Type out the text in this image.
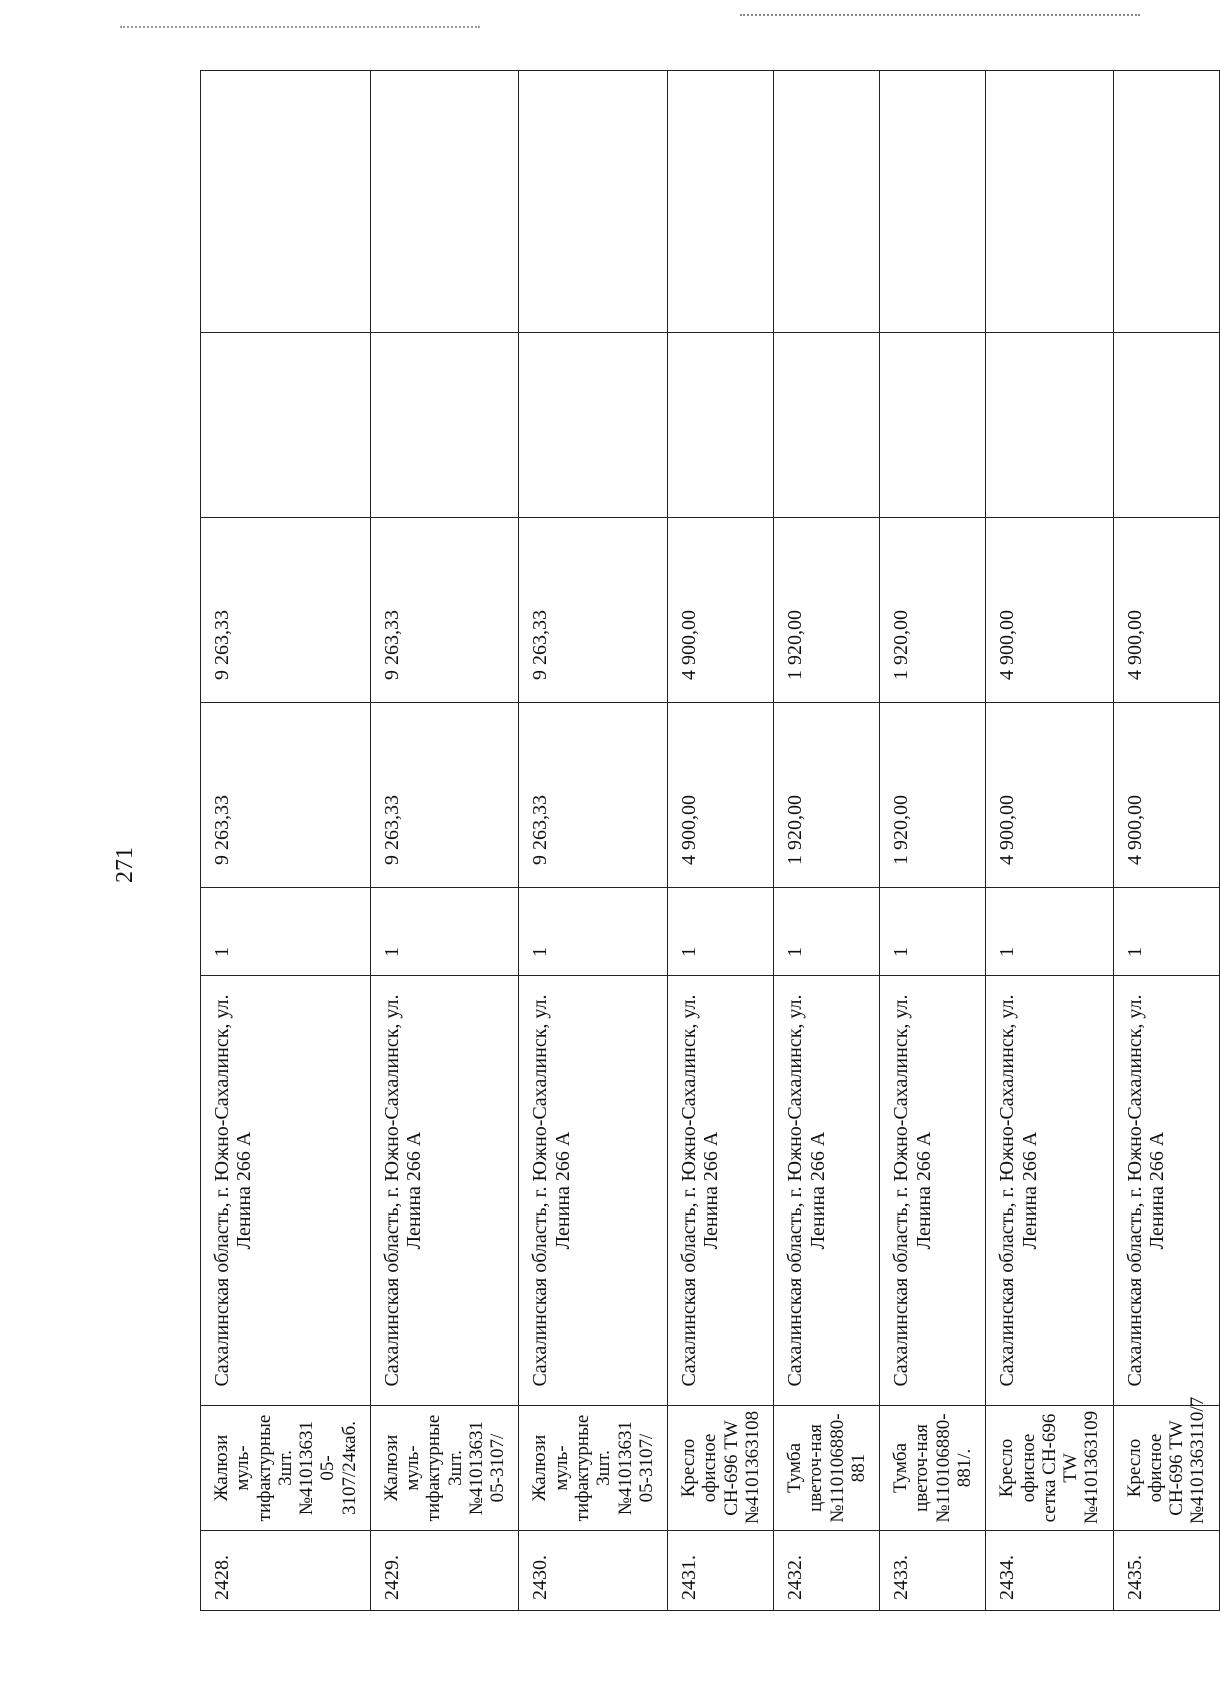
271
2428.	Жалюзи муль-тифактурные 3шт.№41013631 05-3107/24каб.	Сахалинская область, г. Южно-Сахалинск, ул. Ленина 266 А	1	9 263,33	9 263,33		
2429.	Жалюзи муль-тифактурные 3шт.№41013631 05-3107/	Сахалинская область, г. Южно-Сахалинск, ул. Ленина 266 А	1	9 263,33	9 263,33		
2430.	Жалюзи муль-тифактурные 3шт.№41013631 05-3107/	Сахалинская область, г. Южно-Сахалинск, ул. Ленина 266 А	1	9 263,33	9 263,33		
2431.	Кресло офисное СН-696 TW №4101363108	Сахалинская область, г. Южно-Сахалинск, ул. Ленина 266 А	1	4 900,00	4 900,00		
2432.	Тумба цветоч-ная №110106880-881	Сахалинская область, г. Южно-Сахалинск, ул. Ленина 266 А	1	1 920,00	1 920,00		
2433.	Тумба цветоч-ная №110106880-881/.	Сахалинская область, г. Южно-Сахалинск, ул. Ленина 266 А	1	1 920,00	1 920,00		
2434.	Кресло офисное сетка СН-696 TW №4101363109	Сахалинская область, г. Южно-Сахалинск, ул. Ленина 266 А	1	4 900,00	4 900,00		
2435.	Кресло офисное СН-696 TW №4101363110/7	Сахалинская область, г. Южно-Сахалинск, ул. Ленина 266 А	1	4 900,00	4 900,00		
